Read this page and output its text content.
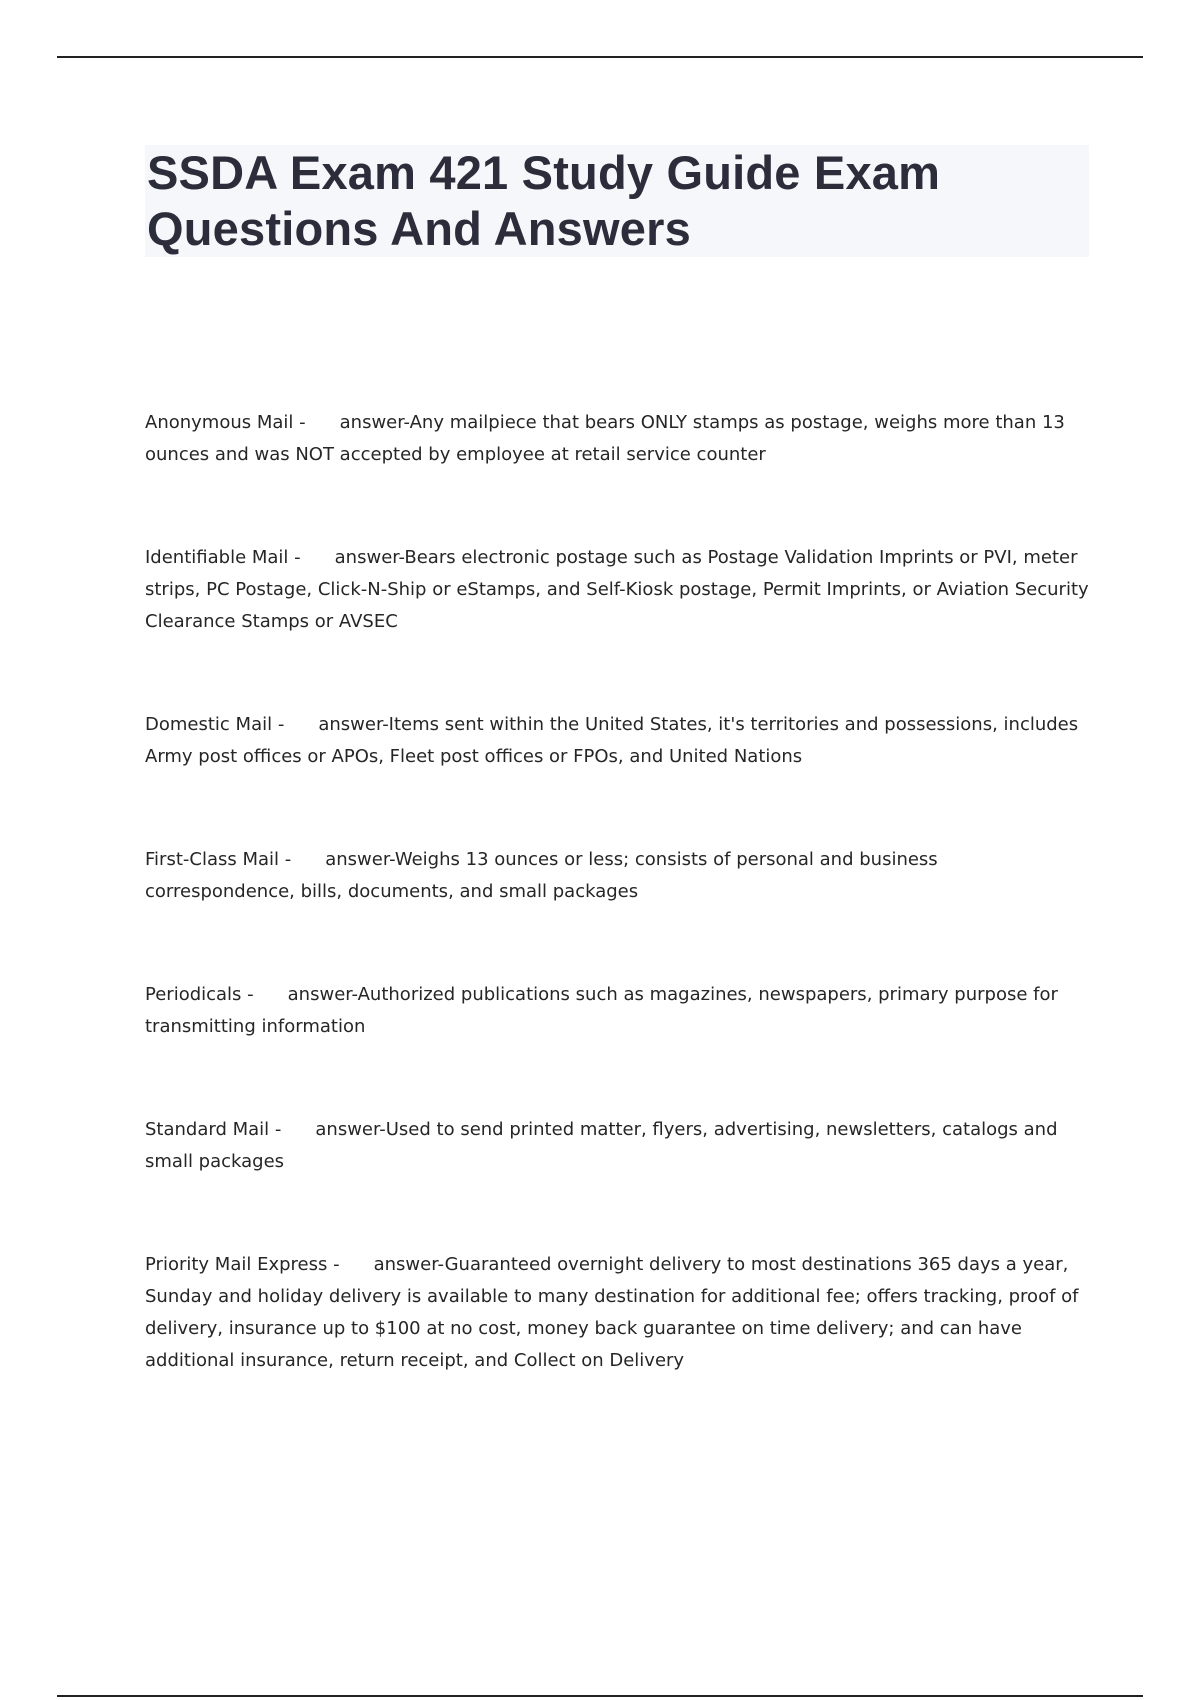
SSDA Exam 421 Study Guide Exam Questions And Answers
Anonymous Mail - answer-Any mailpiece that bears ONLY stamps as postage, weighs more than 13 ounces and was NOT accepted by employee at retail service counter
Identifiable Mail - answer-Bears electronic postage such as Postage Validation Imprints or PVI, meter strips, PC Postage, Click-N-Ship or eStamps, and Self-Kiosk postage, Permit Imprints, or Aviation Security Clearance Stamps or AVSEC
Domestic Mail - answer-Items sent within the United States, it's territories and possessions, includes Army post offices or APOs, Fleet post offices or FPOs, and United Nations
First-Class Mail - answer-Weighs 13 ounces or less; consists of personal and business correspondence, bills, documents, and small packages
Periodicals - answer-Authorized publications such as magazines, newspapers, primary purpose for transmitting information
Standard Mail - answer-Used to send printed matter, flyers, advertising, newsletters, catalogs and small packages
Priority Mail Express - answer-Guaranteed overnight delivery to most destinations 365 days a year, Sunday and holiday delivery is available to many destination for additional fee; offers tracking, proof of delivery, insurance up to $100 at no cost, money back guarantee on time delivery; and can have additional insurance, return receipt, and Collect on Delivery
